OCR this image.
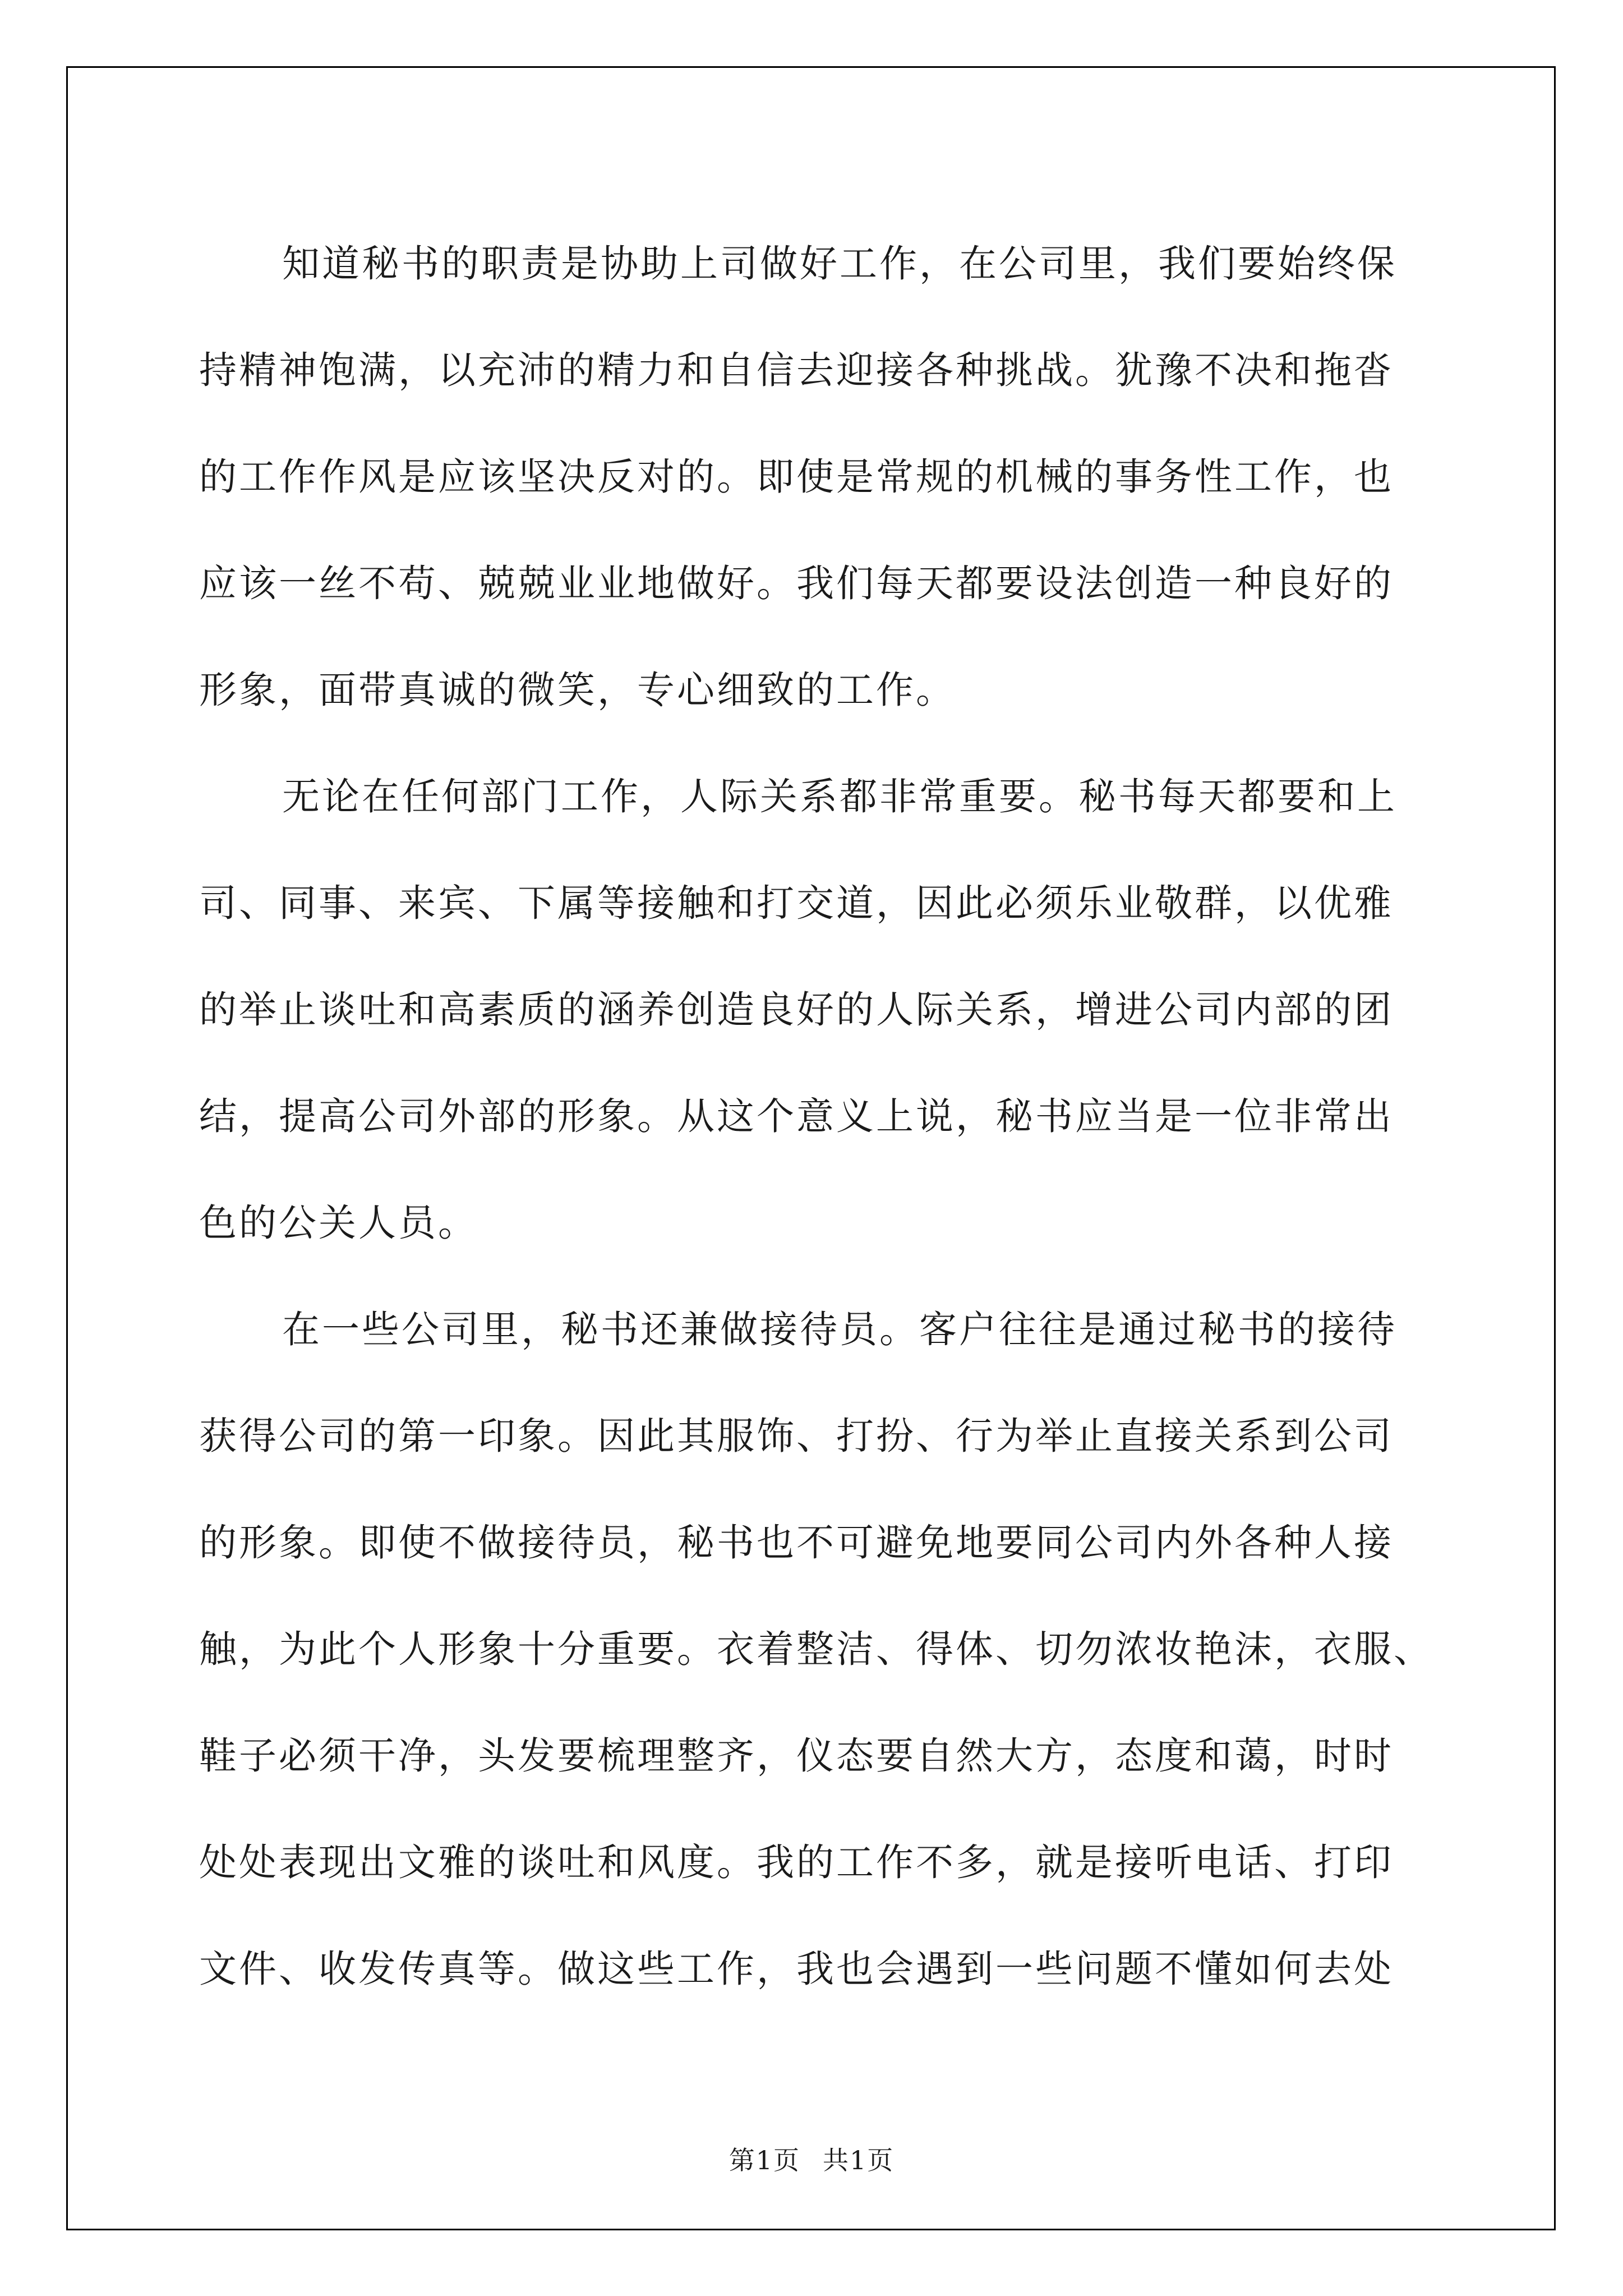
知道秘书的职责是协助上司做好工作，在公司里，我们要始终保
持精神饱满，以充沛的精力和自信去迎接各种挑战。犹豫不决和拖沓
的工作作风是应该坚决反对的。即使是常规的机械的事务性工作，也
应该一丝不苟、兢兢业业地做好。我们每天都要设法创造一种良好的
形象，面带真诚的微笑，专心细致的工作。
无论在任何部门工作，人际关系都非常重要。秘书每天都要和上
司、同事、来宾、下属等接触和打交道，因此必须乐业敬群，以优雅
的举止谈吐和高素质的涵养创造良好的人际关系，增进公司内部的团
结，提高公司外部的形象。从这个意义上说，秘书应当是一位非常出
色的公关人员。
在一些公司里，秘书还兼做接待员。客户往往是通过秘书的接待
获得公司的第一印象。因此其服饰、打扮、行为举止直接关系到公司
的形象。即使不做接待员，秘书也不可避免地要同公司内外各种人接
触，为此个人形象十分重要。衣着整洁、得体、切勿浓妆艳沫，衣服、
鞋子必须干净，头发要梳理整齐，仪态要自然大方，态度和蔼，时时
处处表现出文雅的谈吐和风度。我的工作不多，就是接听电话、打印
文件、收发传真等。做这些工作，我也会遇到一些问题不懂如何去处
第1页 共1页
